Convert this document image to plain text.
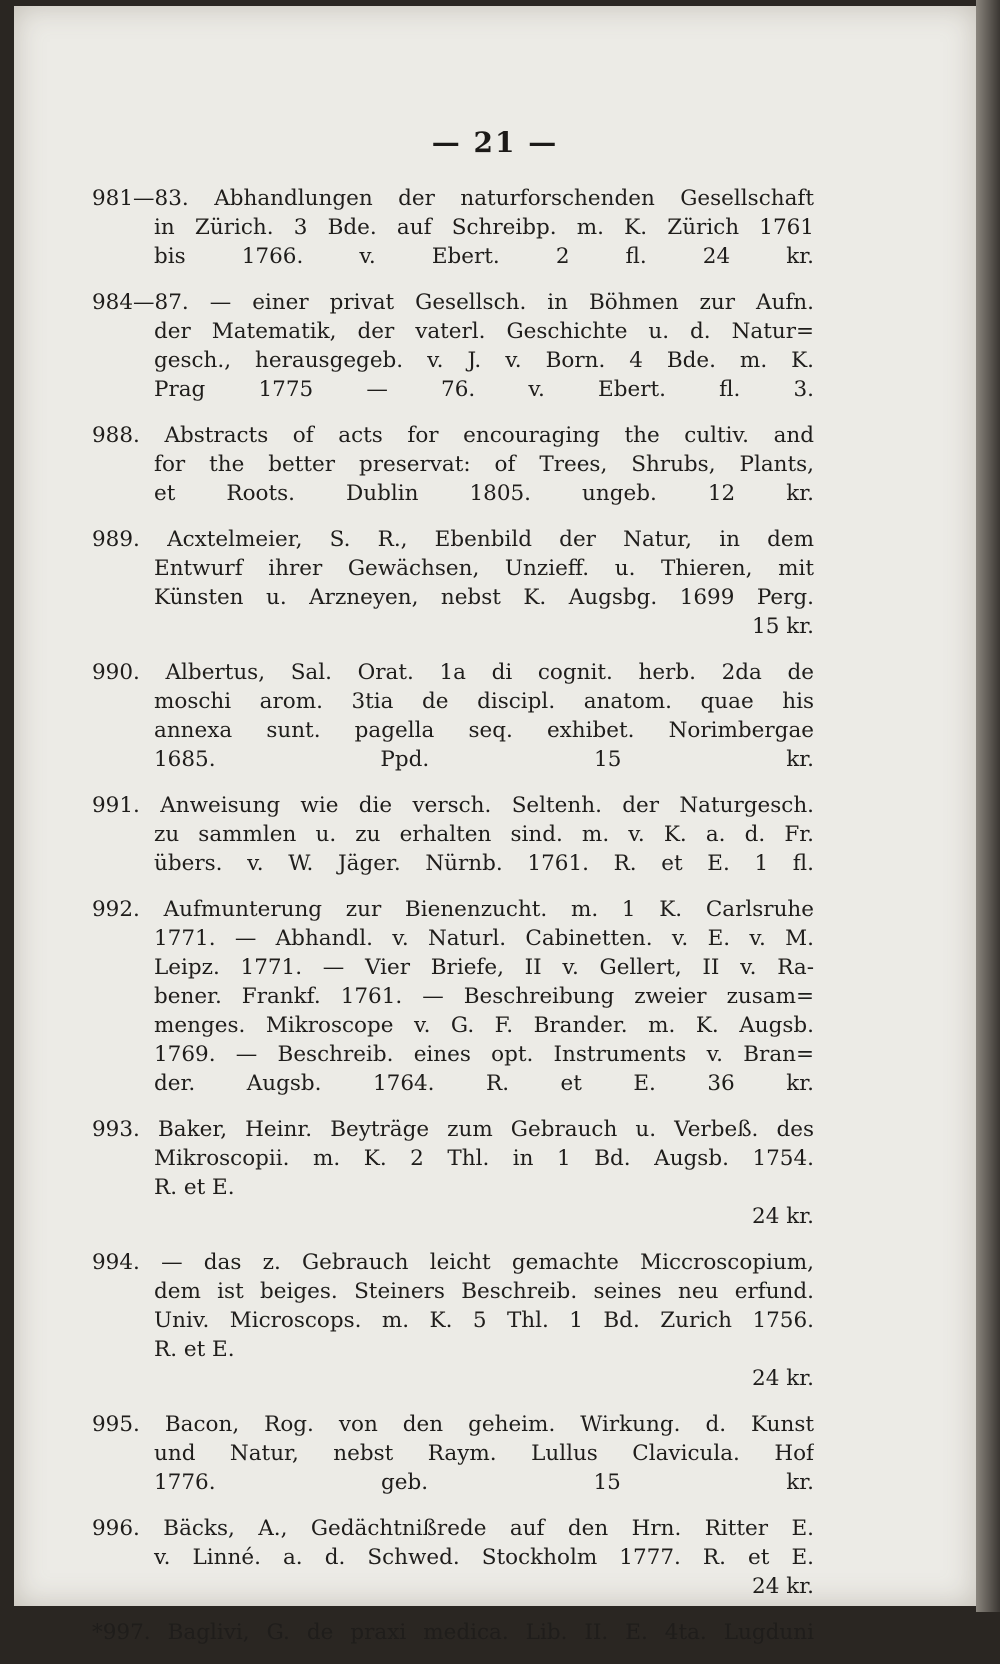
— 21 —
981—83. Abhandlungen der naturforschenden Gesellschaft
in Zürich. 3 Bde. auf Schreibp. m. K. Zürich 1761
bis 1766. v. Ebert. 2 fl. 24 kr.
984—87. — einer privat Gesellsch. in Böhmen zur Aufn.
der Matematik, der vaterl. Geschichte u. d. Natur=
gesch., herausgegeb. v. J. v. Born. 4 Bde. m. K.
Prag 1775 — 76. v. Ebert. fl. 3.
988. Abstracts of acts for encouraging the cultiv. and
for the better preservat: of Trees, Shrubs, Plants,
et Roots. Dublin 1805. ungeb. 12 kr.
989. Acxtelmeier, S. R., Ebenbild der Natur, in dem
Entwurf ihrer Gewächsen, Unzieff. u. Thieren, mit
Künsten u. Arzneyen, nebst K. Augsbg. 1699 Perg.
15 kr.
990. Albertus, Sal. Orat. 1a di cognit. herb. 2da de
moschi arom. 3tia de discipl. anatom. quae his
annexa sunt. pagella seq. exhibet. Norimbergae
1685. Ppd. 15 kr.
991. Anweisung wie die versch. Seltenh. der Naturgesch.
zu sammlen u. zu erhalten sind. m. v. K. a. d. Fr.
übers. v. W. Jäger. Nürnb. 1761. R. et E. 1 fl.
992. Aufmunterung zur Bienenzucht. m. 1 K. Carlsruhe
1771. — Abhandl. v. Naturl. Cabinetten. v. E. v. M.
Leipz. 1771. — Vier Briefe, II v. Gellert, II v. Ra-
bener. Frankf. 1761. — Beschreibung zweier zusam=
menges. Mikroscope v. G. F. Brander. m. K. Augsb.
1769. — Beschreib. eines opt. Instruments v. Bran=
der. Augsb. 1764. R. et E. 36 kr.
993. Baker, Heinr. Beyträge zum Gebrauch u. Verbeß. des
Mikroscopii. m. K. 2 Thl. in 1 Bd. Augsb. 1754.
R. et E.
24 kr.
994. — das z. Gebrauch leicht gemachte Miccroscopium,
dem ist beiges. Steiners Beschreib. seines neu erfund.
Univ. Microscops. m. K. 5 Thl. 1 Bd. Zurich 1756.
R. et E.
24 kr.
995. Bacon, Rog. von den geheim. Wirkung. d. Kunst
und Natur, nebst Raym. Lullus Clavicula. Hof
1776. geb. 15 kr.
996. Bäcks, A., Gedächtnißrede auf den Hrn. Ritter E.
v. Linné. a. d. Schwed. Stockholm 1777. R. et E.
24 kr.
*997. Baglivi, G. de praxi medica. Lib. II. E. 4ta. Lugduni
